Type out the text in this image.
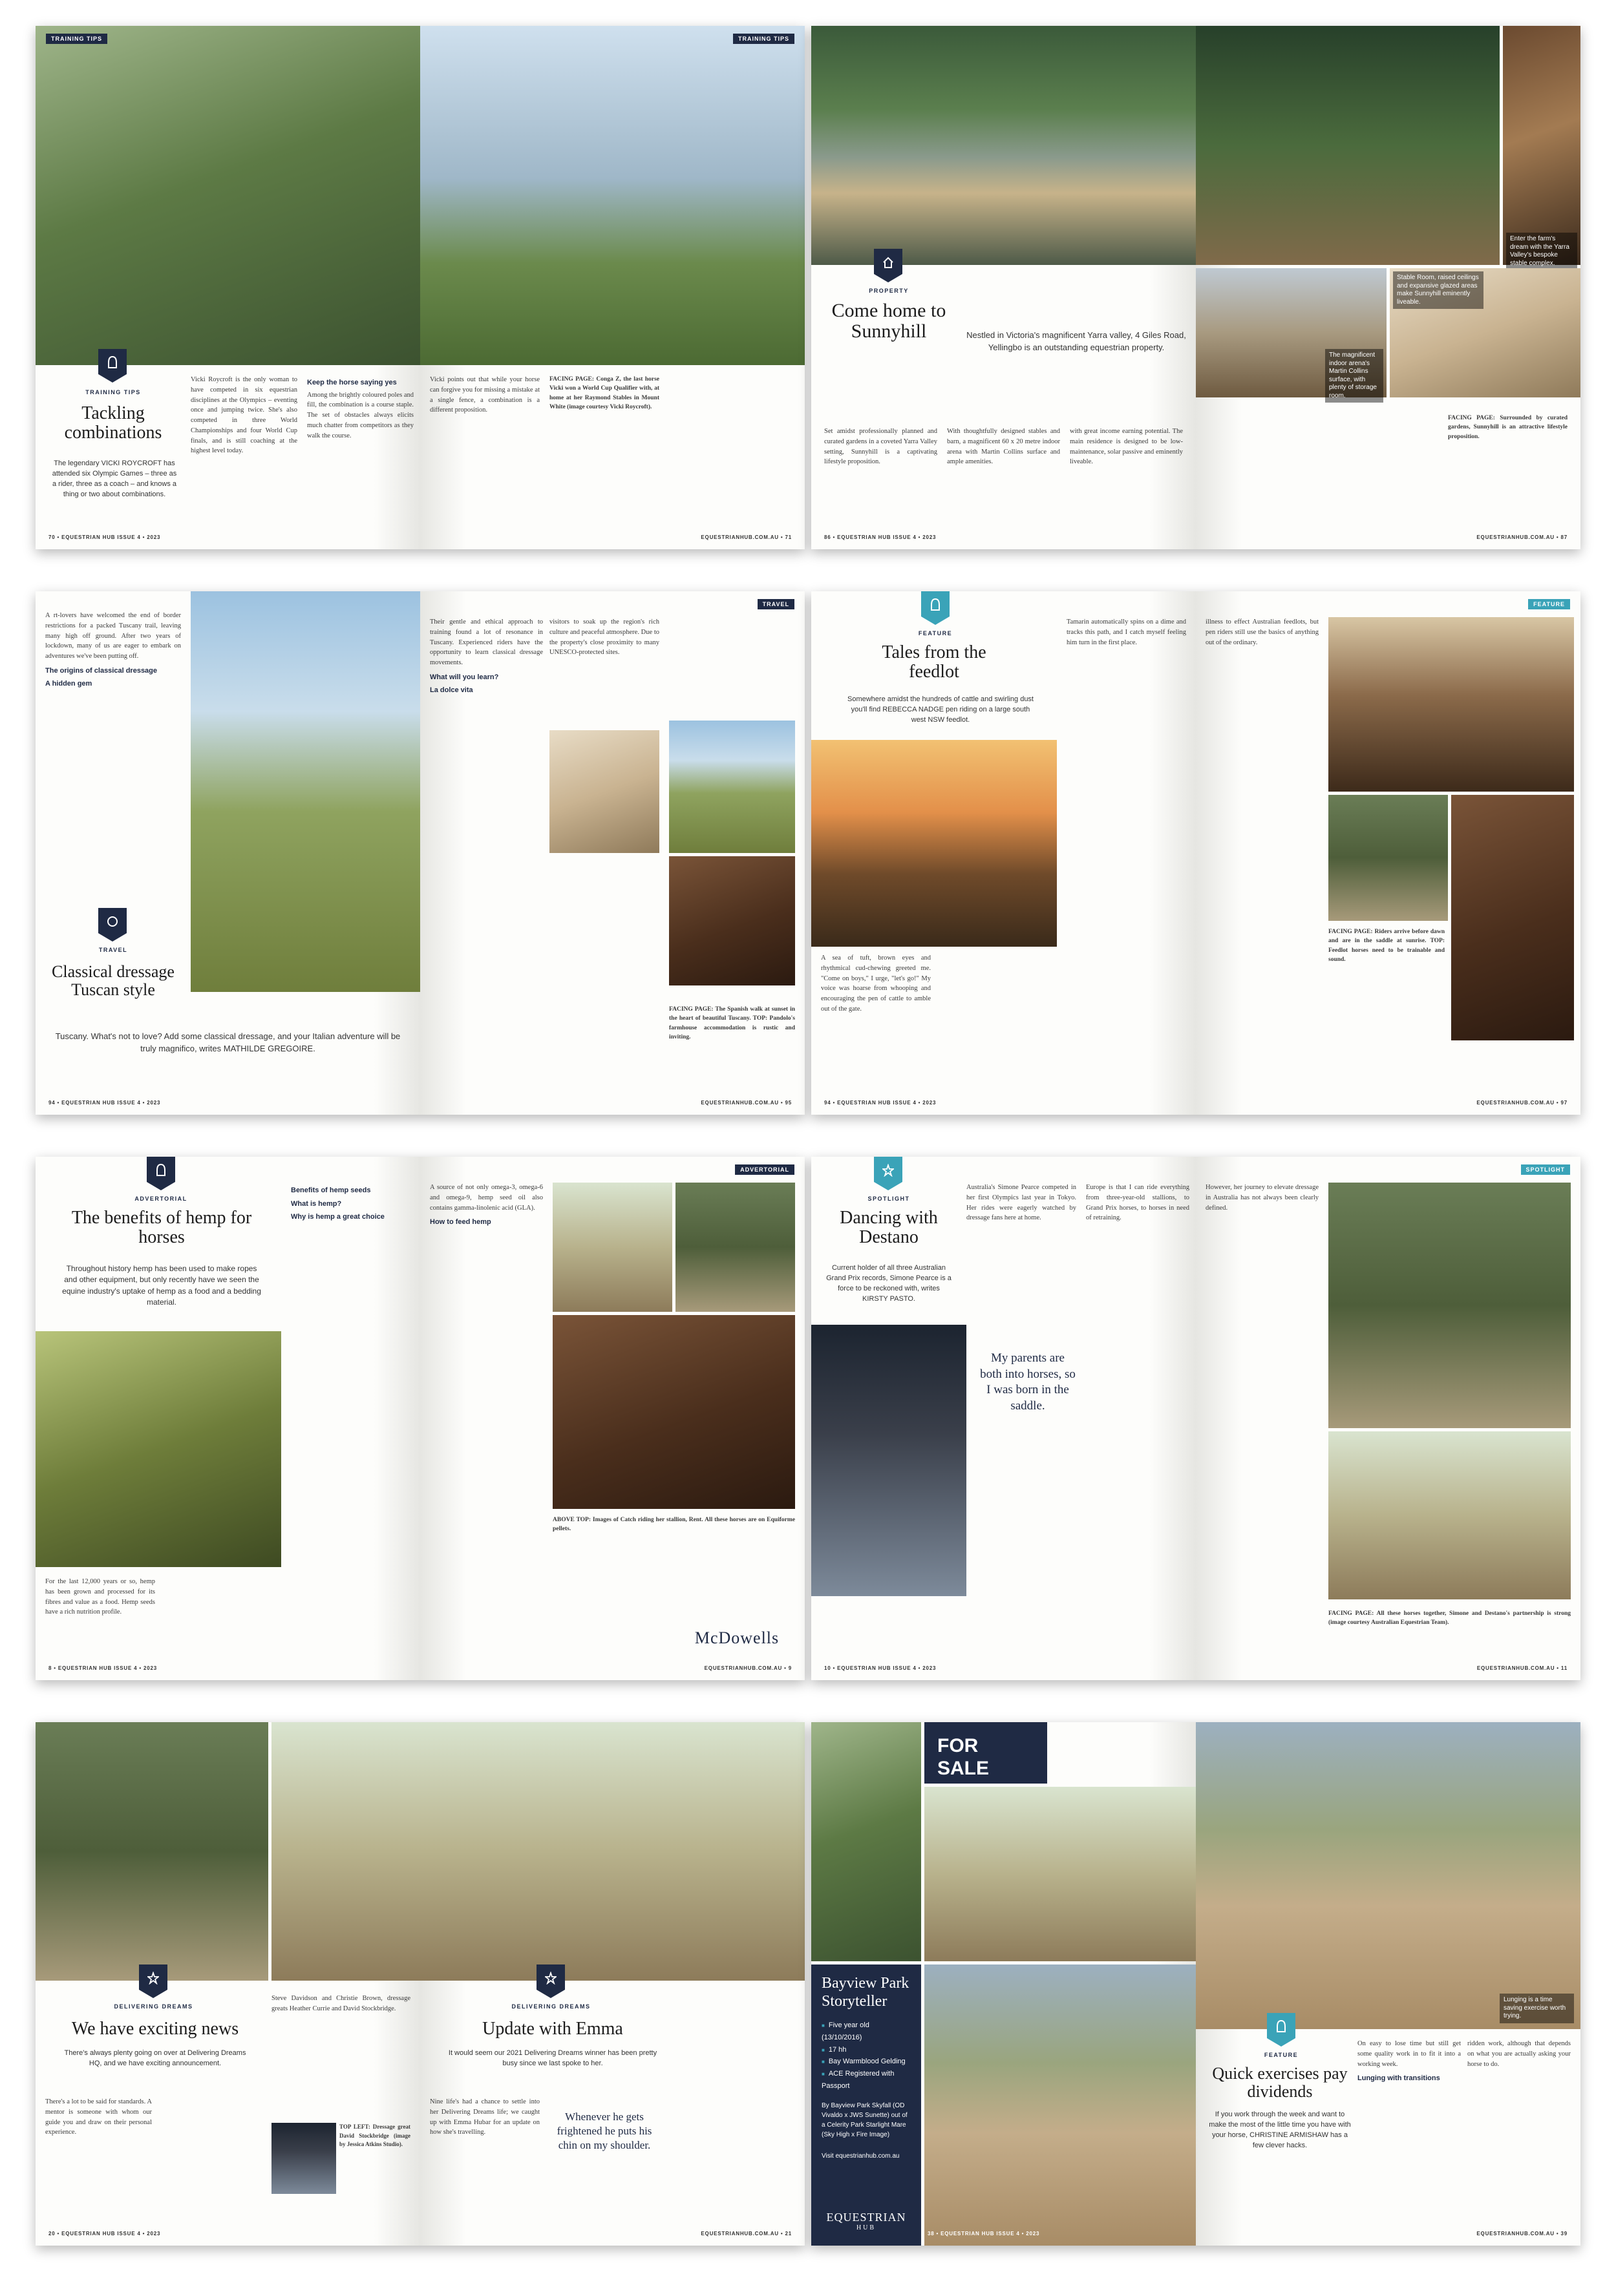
TRAINING TIPS
TRAINING TIPS
Tackling combinations
The legendary VICKI ROYCROFT has attended six Olympic Games – three as a rider, three as a coach – and knows a thing or two about combinations.

Vicki Roycroft is the only woman to have competed in six equestrian disciplines at the Olympics – eventing once and jumping twice. She's also competed in three World Championships and four World Cup finals, and is still coaching at the highest level today.

Keep the horse saying yes

Among the brightly coloured poles and fill, the combination is a course staple. The set of obstacles always elicits much chatter from competitors as they walk the course.

70 • EQUESTRIAN HUB ISSUE 4 • 2023
TRAINING TIPS

Vicki points out that while your horse can forgive you for missing a mistake at a single fence, a combination is a different proposition.

FACING PAGE: Conga Z, the last horse Vicki won a World Cup Qualifier with, at home at her Raymond Stables in Mount White (image courtesy Vicki Roycroft).

EQUESTRIANHUB.COM.AU • 71
PROPERTY
Come home to Sunnyhill	Nestled in Victoria's magnificent Yarra valley, 4 Giles Road, Yellingbo is an outstanding equestrian property.

Set amidst professionally planned and curated gardens in a coveted Yarra Valley setting, Sunnyhill is a captivating lifestyle proposition.

With thoughtfully designed stables and barn, a magnificent 60 x 20 metre indoor arena with Martin Collins surface and ample amenities.

with great income earning potential. The main residence is designed to be low-maintenance, solar passive and eminently liveable.

86 • EQUESTRIAN HUB ISSUE 4 • 2023
Enter the farm's dream with the Yarra Valley's bespoke stable complex.
Stable Room, raised ceilings and expansive glazed areas make Sunnyhill eminently liveable.
The magnificent indoor arena's Martin Collins surface, with plenty of storage room.

FACING PAGE: Surrounded by curated gardens, Sunnyhill is an attractive lifestyle proposition.

EQUESTRIANHUB.COM.AU • 87

A rt-lovers have welcomed the end of border restrictions for a packed Tuscany trail, leaving many high off ground. After two years of lockdown, many of us are eager to embark on adventures we've been putting off.

The origins of classical dressage
A hidden gem
TRAVEL
Classical dressage Tuscan style
Tuscany. What's not to love? Add some classical dressage, and your Italian adventure will be truly magnifico, writes MATHILDE GREGOIRE.
94 • EQUESTRIAN HUB ISSUE 4 • 2023
TRAVEL

Their gentle and ethical approach to training found a lot of resonance in Tuscany. Experienced riders have the opportunity to learn classical dressage movements.

What will you learn?
La dolce vita

visitors to soak up the region's rich culture and peaceful atmosphere. Due to the property's close proximity to many UNESCO-protected sites.

FACING PAGE: The Spanish walk at sunset in the heart of beautiful Tuscany. TOP: Pandolo's farmhouse accommodation is rustic and inviting.

EQUESTRIANHUB.COM.AU • 95
FEATURE
Tales from the feedlot
Somewhere amidst the hundreds of cattle and swirling dust you'll find REBECCA NADGE pen riding on a large south west NSW feedlot.

A sea of tuft, brown eyes and rhythmical cud-chewing greeted me. "Come on boys," I urge, "let's go!" My voice was hoarse from whooping and encouraging the pen of cattle to amble out of the gate.

Tamarin automatically spins on a dime and tracks this path, and I catch myself feeling him turn in the first place.

94 • EQUESTRIAN HUB ISSUE 4 • 2023
FEATURE

illness to effect Australian feedlots, but pen riders still use the basics of anything out of the ordinary.

FACING PAGE: Riders arrive before dawn and are in the saddle at sunrise. TOP: Feedlot horses need to be trainable and sound.

EQUESTRIANHUB.COM.AU • 97
ADVERTORIAL
The benefits of hemp for horses
Throughout history hemp has been used to make ropes and other equipment, but only recently have we seen the equine industry's uptake of hemp as a food and a bedding material.

For the last 12,000 years or so, hemp has been grown and processed for its fibres and value as a food. Hemp seeds have a rich nutrition profile.

Benefits of hemp seeds
What is hemp?
Why is hemp a great choice
8 • EQUESTRIAN HUB ISSUE 4 • 2023
ADVERTORIAL

A source of not only omega-3, omega-6 and omega-9, hemp seed oil also contains gamma-linolenic acid (GLA).

How to feed hemp

ABOVE TOP: Images of Catch riding her stallion, Rent. All these horses are on Equiforme pellets.

McDowells
EQUESTRIANHUB.COM.AU • 9
SPOTLIGHT
Dancing with Destano
Current holder of all three Australian Grand Prix records, Simone Pearce is a force to be reckoned with, writes KIRSTY PASTO.

Australia's Simone Pearce competed in her first Olympics last year in Tokyo. Her rides were eagerly watched by dressage fans here at home.

My parents are both into horses, so I was born in the saddle.

Europe is that I can ride everything from three-year-old stallions, to Grand Prix horses, to horses in need of retraining.

10 • EQUESTRIAN HUB ISSUE 4 • 2023
SPOTLIGHT

However, her journey to elevate dressage in Australia has not always been clearly defined.

FACING PAGE: All these horses together, Simone and Destano's partnership is strong (image courtesy Australian Equestrian Team).

EQUESTRIANHUB.COM.AU • 11
DELIVERING DREAMS
We have exciting news
There's always plenty going on over at Delivering Dreams HQ, and we have exciting announcement.

There's a lot to be said for standards. A mentor is someone with whom our guide you and draw on their personal experience.

Steve Davidson and Christie Brown, dressage greats Heather Currie and David Stockbridge.

TOP LEFT: Dressage great David Stockbridge (image by Jessica Atkins Studio).

20 • EQUESTRIAN HUB ISSUE 4 • 2023
DELIVERING DREAMS
Update with Emma
It would seem our 2021 Delivering Dreams winner has been pretty busy since we last spoke to her.

Nine life's had a chance to settle into her Delivering Dreams life; we caught up with Emma Hubar for an update on how she's travelling.

Whenever he gets frightened he puts his chin on my shoulder.
EQUESTRIANHUB.COM.AU • 21
FOR SALE
Bayview Park Storyteller
■ Five year old (13/10/2016)
■ 17 hh
■ Bay Warmblood Gelding
■ ACE Registered with Passport

By Bayview Park Skyfall (OD Vivaldo x JWS Sunette) out of a Celerity Park Starlight Mare (Sky High x Fire Image)

Visit equestrianhub.com.au

EQUESTRIAN
HUB
38 • EQUESTRIAN HUB ISSUE 4 • 2023
Lunging is a time saving exercise worth trying.
FEATURE
Quick exercises pay dividends
If you work through the week and want to make the most of the little time you have with your horse, CHRISTINE ARMISHAW has a few clever hacks.

On easy to lose time but still get some quality work in to fit it into a working week.

Lunging with transitions

ridden work, although that depends on what you are actually asking your horse to do.

EQUESTRIANHUB.COM.AU • 39
